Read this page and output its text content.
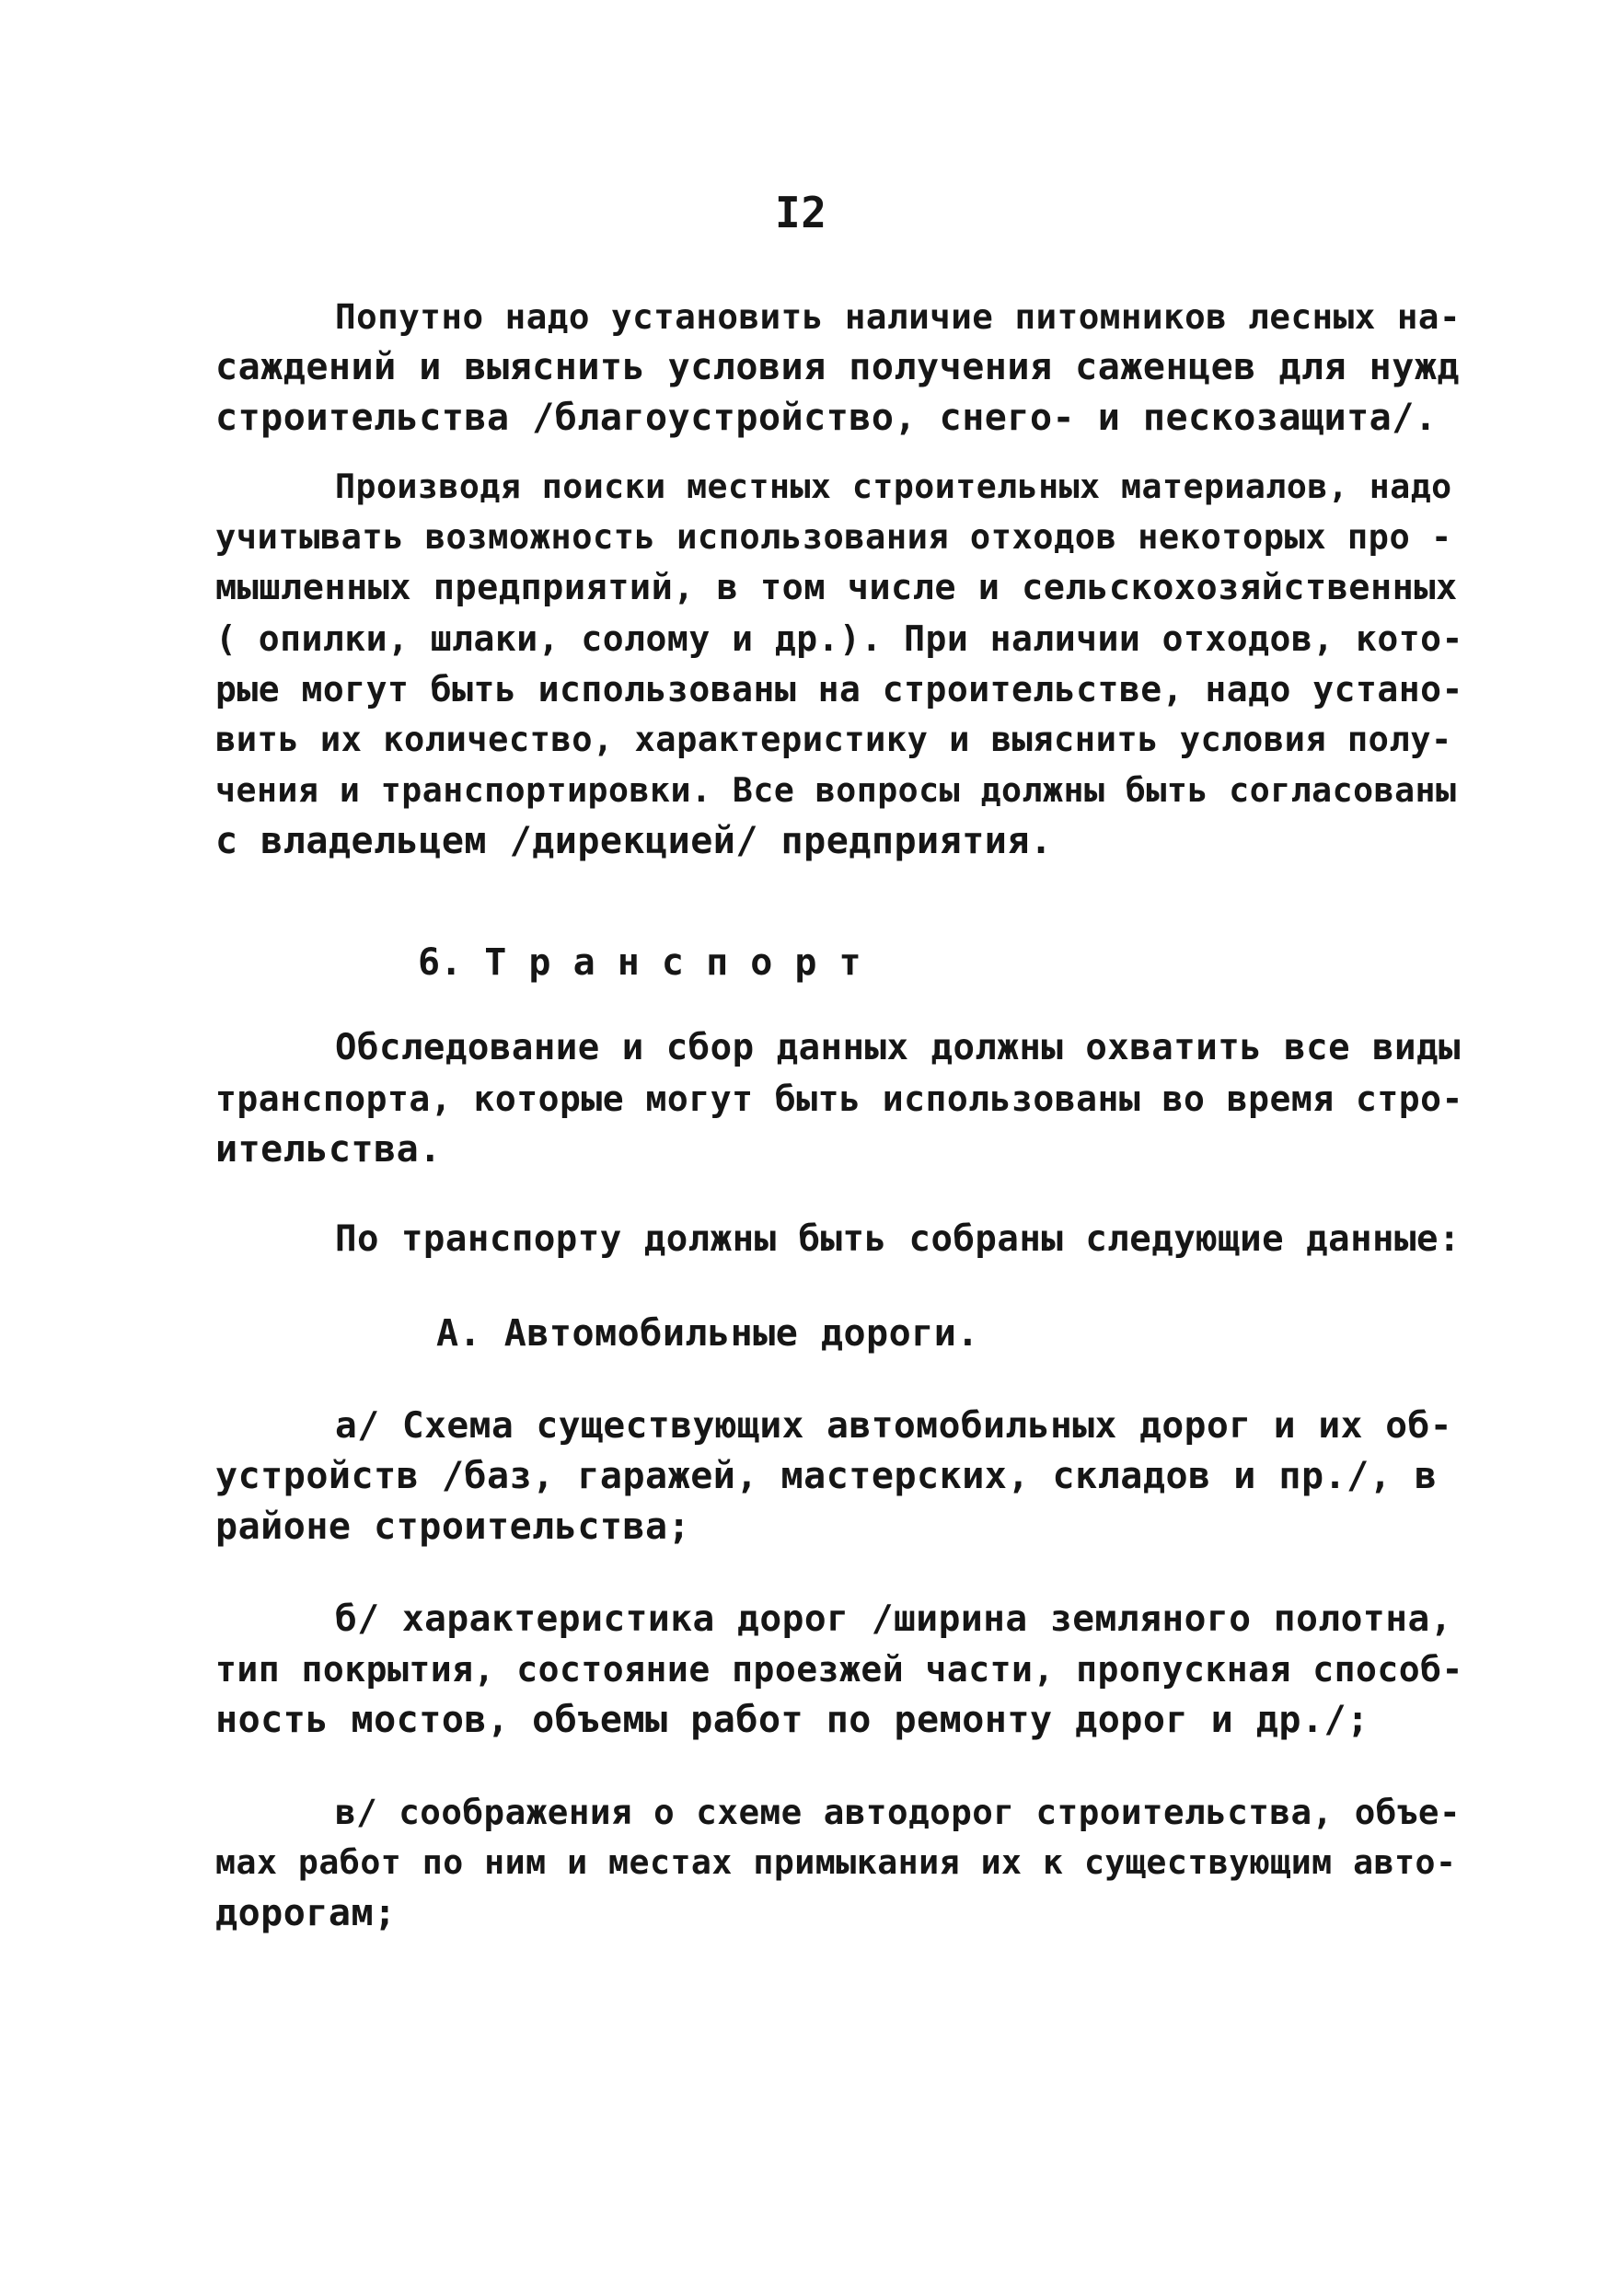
I2

Попутно надо установить наличие питомников лесных на-

саждений и выяснить условия получения саженцев для нужд

строительства /благоустройство, снего- и пескозащита/.

Производя поиски местных строительных материалов, надо

учитывать возможность использования отходов некоторых про -

мышленных предприятий, в том числе и сельскохозяйственных

( опилки, шлаки, солому и др.). При наличии отходов, кото-

рые могут быть использованы на строительстве, надо устано-

вить их количество, характеристику и выяснить условия полу-

чения и транспортировки. Все вопросы должны быть согласованы

с владельцем /дирекцией/ предприятия.

6. Т р а н с п о р т

Обследование и сбор данных должны охватить все виды

транспорта, которые могут быть использованы во время стро-

ительства.

По транспорту должны быть собраны следующие данные:

А. Автомобильные дороги.

а/ Схема существующих автомобильных дорог и их об-

устройств /баз, гаражей, мастерских, складов и пр./, в

районе строительства;

б/ характеристика дорог /ширина земляного полотна,

тип покрытия, состояние проезжей части, пропускная способ-

ность мостов, объемы работ по ремонту дорог и др./;

в/ соображения о схеме автодорог строительства, объе-

мах работ по ним и местах примыкания их к существующим авто-

дорогам;
